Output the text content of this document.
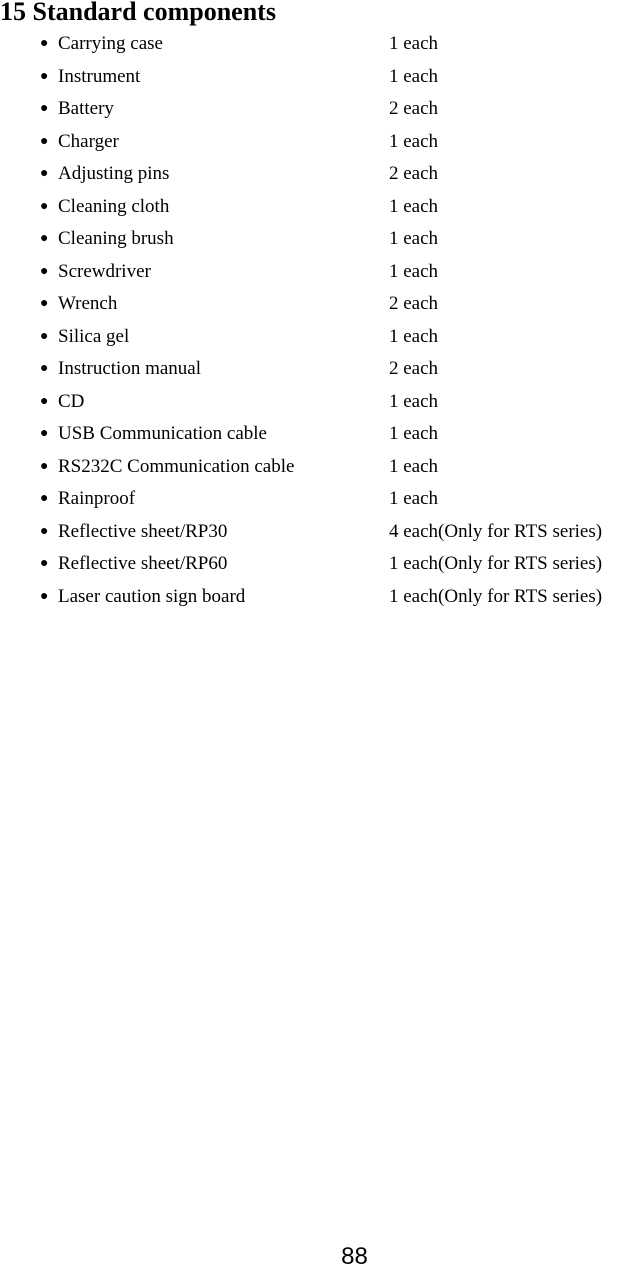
15 Standard components
● Carrying case	1 each
● Instrument	1 each
● Battery	2 each
● Charger	1 each
● Adjusting pins	2 each
● Cleaning cloth	1 each
● Cleaning brush	1 each
● Screwdriver	1 each
● Wrench	2 each
● Silica gel	1 each
● Instruction manual	2 each
● CD	1 each
● USB Communication cable	1 each
● RS232C Communication cable	1 each
● Rainproof	1 each
● Reflective sheet/RP30	4 each(Only for RTS series)
● Reflective sheet/RP60	1 each(Only for RTS series)
● Laser caution sign board	1 each(Only for RTS series)
88
